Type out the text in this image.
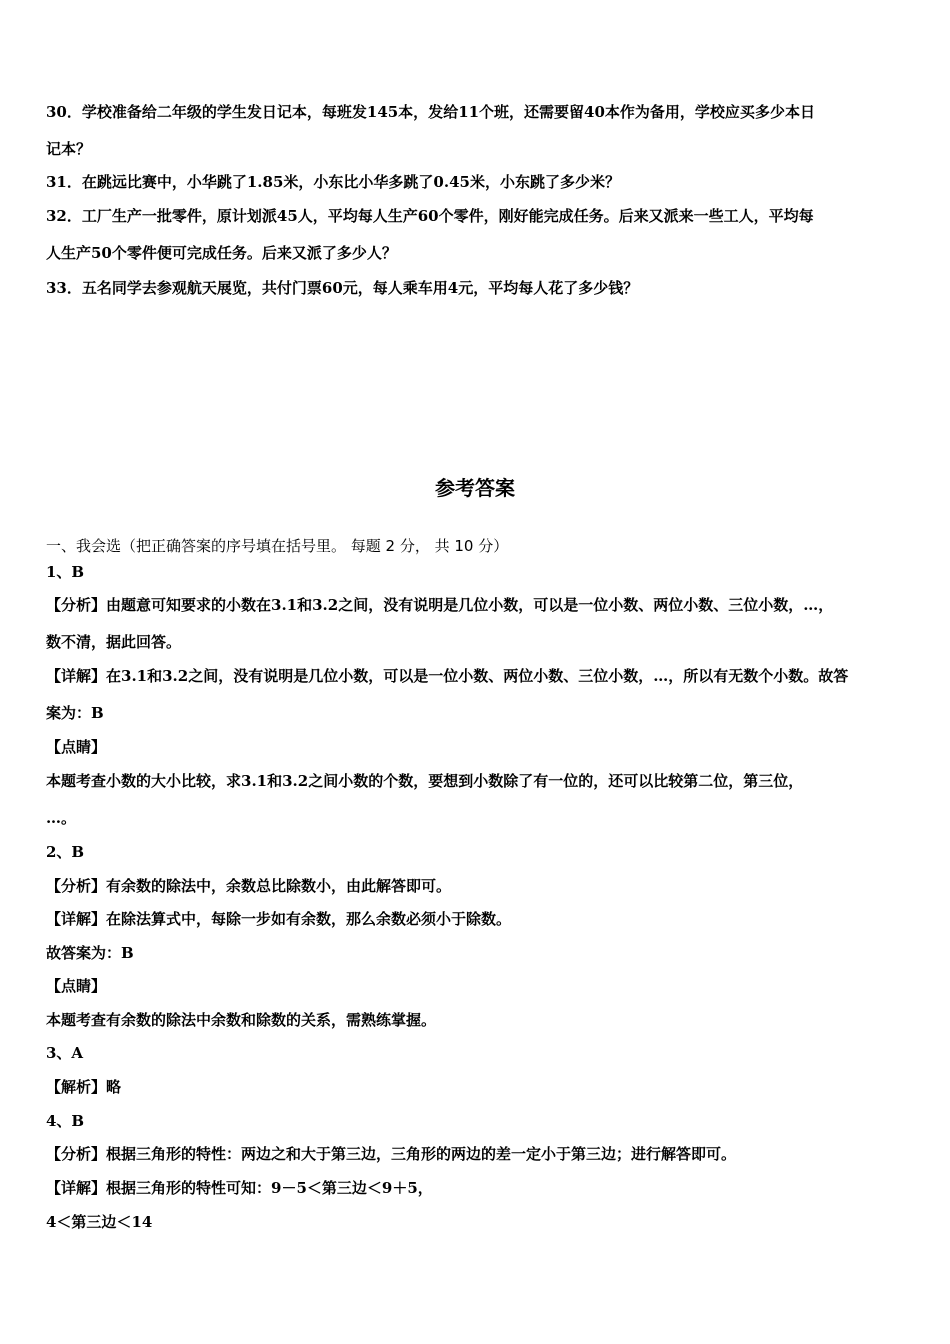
30．学校准备给二年级的学生发日记本，每班发145本，发给11个班，还需要留40本作为备用，学校应买多少本日
记本？
31．在跳远比赛中，小华跳了1.85米，小东比小华多跳了0.45米，小东跳了多少米？
32．工厂生产一批零件，原计划派45人，平均每人生产60个零件，刚好能完成任务。后来又派来一些工人，平均每
人生产50个零件便可完成任务。后来又派了多少人？
33．五名同学去参观航天展览，共付门票60元，每人乘车用4元，平均每人花了多少钱？
参考答案
一、我会选（把正确答案的序号填在括号里。 每题 2 分， 共 10 分）
1、B
【分析】由题意可知要求的小数在3.1和3.2之间，没有说明是几位小数，可以是一位小数、两位小数、三位小数，…，
数不清，据此回答。
【详解】在3.1和3.2之间，没有说明是几位小数，可以是一位小数、两位小数、三位小数，…，所以有无数个小数。故答
案为：B
【点睛】
本题考查小数的大小比较，求3.1和3.2之间小数的个数，要想到小数除了有一位的，还可以比较第二位，第三位，
…。
2、B
【分析】有余数的除法中，余数总比除数小，由此解答即可。
【详解】在除法算式中，每除一步如有余数，那么余数必须小于除数。
故答案为：B
【点睛】
本题考查有余数的除法中余数和除数的关系，需熟练掌握。
3、A
【解析】略
4、B
【分析】根据三角形的特性：两边之和大于第三边，三角形的两边的差一定小于第三边；进行解答即可。
【详解】根据三角形的特性可知：9－5＜第三边＜9＋5，
4＜第三边＜14
